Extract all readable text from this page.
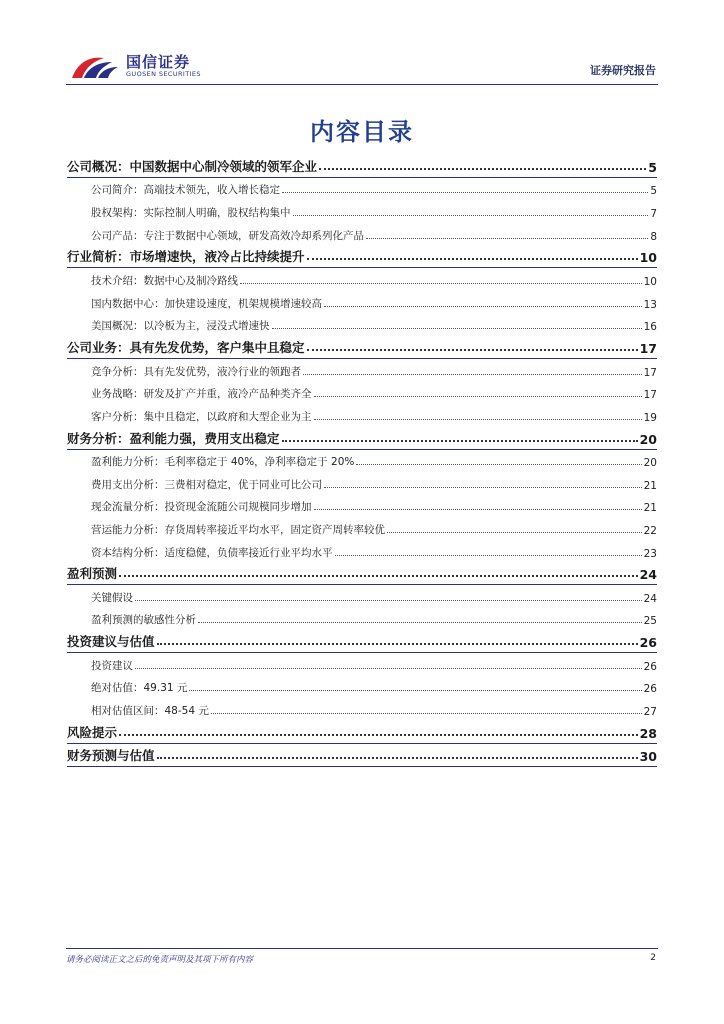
国信证券
GUOSEN SECURITIES	证券研究报告
内容目录
公司概况：中国数据中心制冷领域的领军企业	5
公司简介：高端技术领先，收入增长稳定	5
股权架构：实际控制人明确，股权结构集中	7
公司产品：专注于数据中心领域，研发高效冷却系列化产品	8
行业简析：市场增速快，液冷占比持续提升	10
技术介绍：数据中心及制冷路线	10
国内数据中心：加快建设速度，机架规模增速较高	13
美国概况：以冷板为主，浸没式增速快	16
公司业务：具有先发优势，客户集中且稳定	17
竞争分析：具有先发优势，液冷行业的领跑者	17
业务战略：研发及扩产并重，液冷产品种类齐全	17
客户分析：集中且稳定，以政府和大型企业为主	19
财务分析：盈利能力强，费用支出稳定	20
盈利能力分析：毛利率稳定于 40%，净利率稳定于 20%	20
费用支出分析：三费相对稳定，优于同业可比公司	21
现金流量分析：投资现金流随公司规模同步增加	21
营运能力分析：存货周转率接近平均水平，固定资产周转率较优	22
资本结构分析：适度稳健，负债率接近行业平均水平	23
盈利预测	24
关键假设	24
盈利预测的敏感性分析	25
投资建议与估值	26
投资建议	26
绝对估值：49.31 元	26
相对估值区间：48-54 元	27
风险提示	28
财务预测与估值	30
请务必阅读正文之后的免责声明及其项下所有内容	2
